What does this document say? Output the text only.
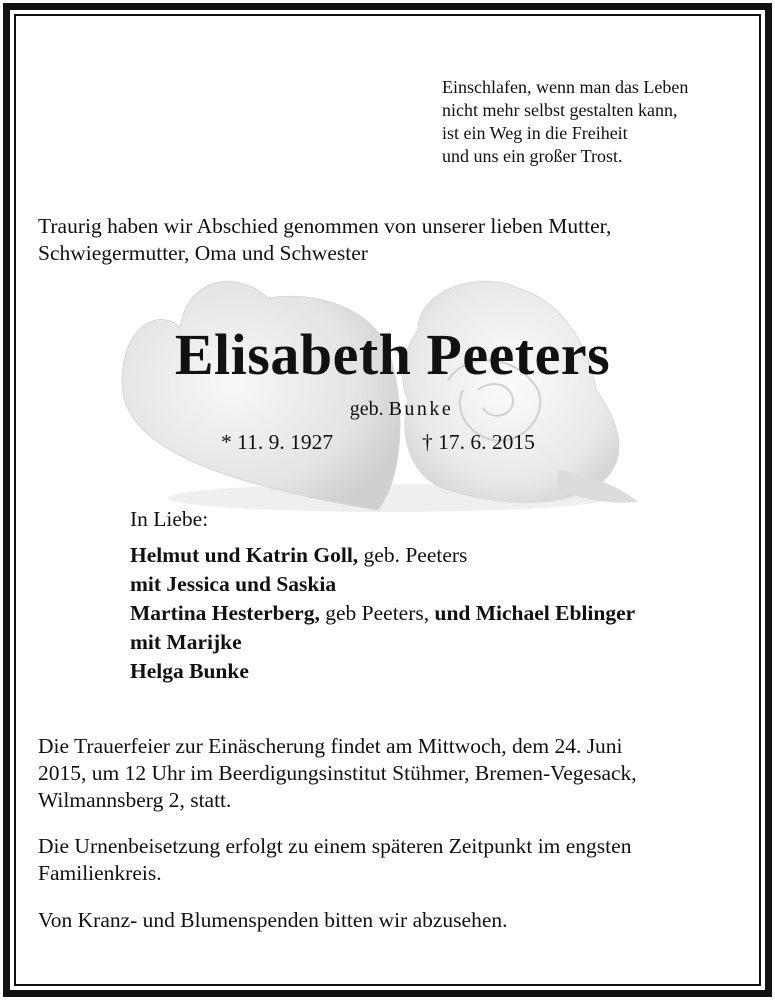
Einschlafen, wenn man das Leben
nicht mehr selbst gestalten kann,
ist ein Weg in die Freiheit
und uns ein großer Trost.
Traurig haben wir Abschied genommen von unserer lieben Mutter,
Schwiegermutter, Oma und Schwester
Elisabeth Peeters
geb. Bunke
* 11. 9. 1927	† 17. 6. 2015
In Liebe:
Helmut und Katrin Goll, geb. Peeters
mit Jessica und Saskia
Martina Hesterberg, geb Peeters, und Michael Eblinger
mit Marijke
Helga Bunke
Die Trauerfeier zur Einäscherung findet am Mittwoch, dem 24. Juni
2015, um 12 Uhr im Beerdigungsinstitut Stühmer, Bremen-Vegesack,
Wilmannsberg 2, statt.
Die Urnenbeisetzung erfolgt zu einem späteren Zeitpunkt im engsten
Familienkreis.
Von Kranz- und Blumenspenden bitten wir abzusehen.
